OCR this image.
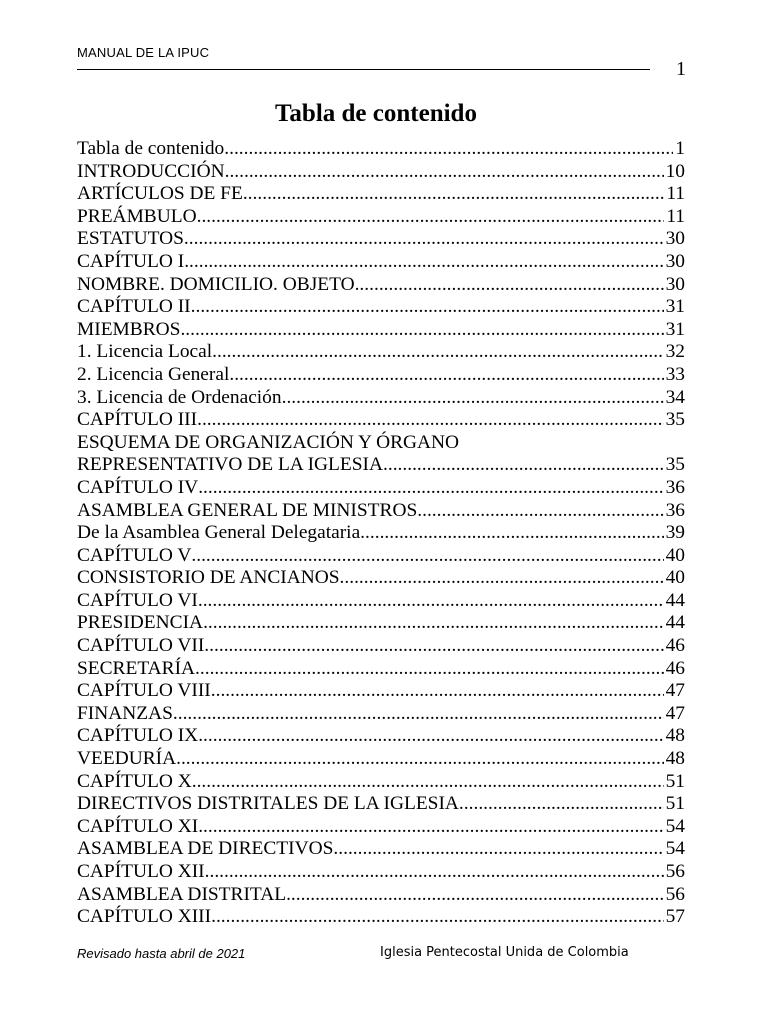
MANUAL DE LA IPUC
1
Tabla de contenido
Tabla de contenido .....	1
INTRODUCCIÓN .....	10
ARTÍCULOS DE FE .....	11
PREÁMBULO .....	11
ESTATUTOS .....	30
CAPÍTULO I .....	30
NOMBRE. DOMICILIO. OBJETO .....	30
CAPÍTULO II .....	31
MIEMBROS .....	31
1. Licencia Local .....	32
2. Licencia General. .....	33
3. Licencia de Ordenación. .....	34
CAPÍTULO III .....	35
ESQUEMA DE ORGANIZACIÓN Y ÓRGANO
REPRESENTATIVO DE LA IGLESIA .....	35
CAPÍTULO IV .....	36
ASAMBLEA GENERAL DE MINISTROS .....	36
De la Asamblea General Delegataria .....	39
CAPÍTULO V .....	40
CONSISTORIO DE ANCIANOS .....	40
CAPÍTULO VI .....	44
PRESIDENCIA .....	44
CAPÍTULO VII .....	46
SECRETARÍA .....	46
CAPÍTULO VIII .....	47
FINANZAS .....	47
CAPÍTULO IX .....	48
VEEDURÍA .....	48
CAPÍTULO X .....	51
DIRECTIVOS DISTRITALES DE LA IGLESIA. .....	51
CAPÍTULO XI .....	54
ASAMBLEA DE DIRECTIVOS .....	54
CAPÍTULO XII .....	56
ASAMBLEA DISTRITAL .....	56
CAPÍTULO XIII .....	57
Revisado hasta abril de 2021	Iglesia Pentecostal Unida de Colombia
